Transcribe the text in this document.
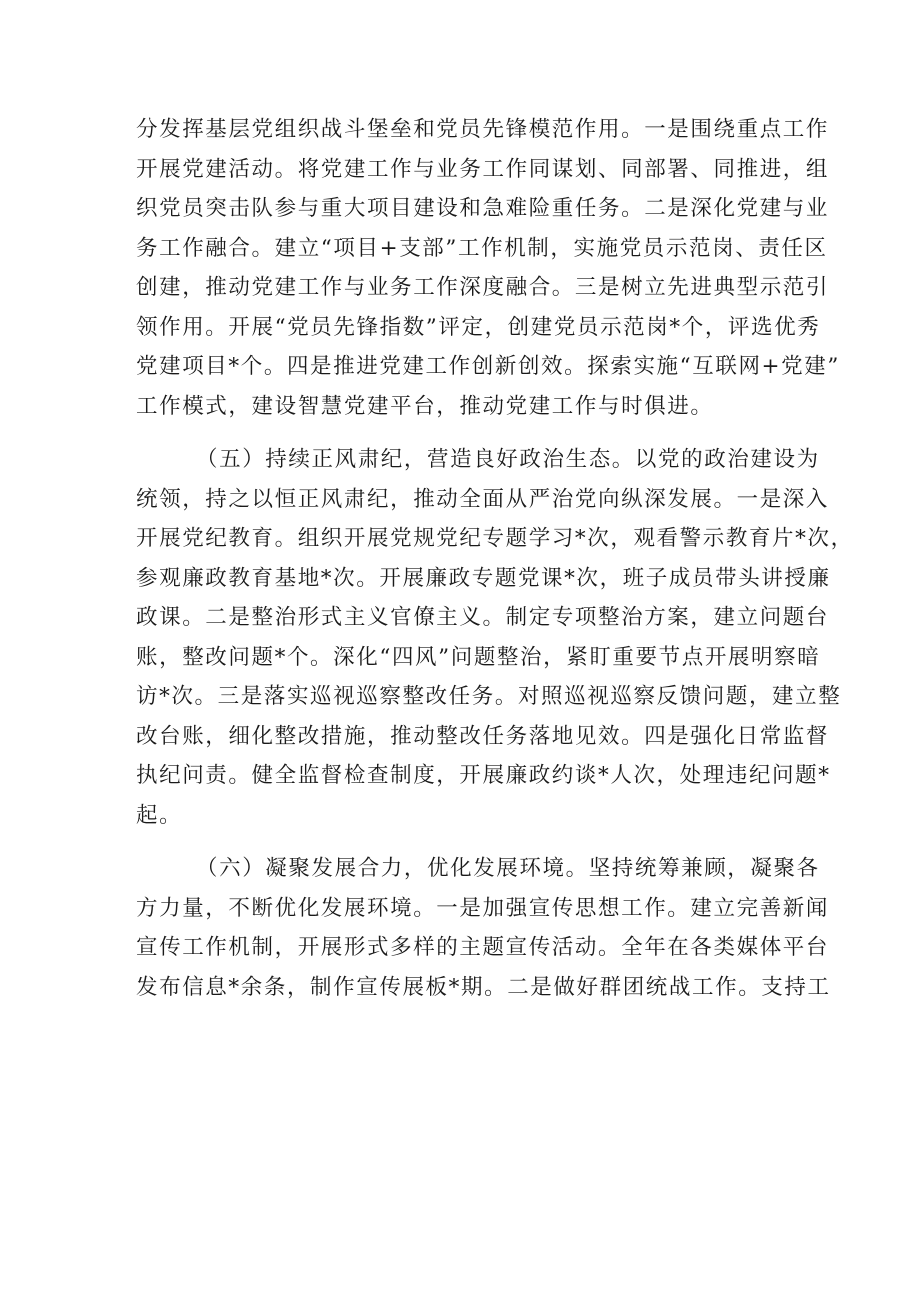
分发挥基层党组织战斗堡垒和党员先锋模范作用。一是围绕重点工作
开展党建活动。将党建工作与业务工作同谋划、同部署、同推进，组
织党员突击队参与重大项目建设和急难险重任务。二是深化党建与业
务工作融合。建立“项目+支部”工作机制，实施党员示范岗、责任区
创建，推动党建工作与业务工作深度融合。三是树立先进典型示范引
领作用。开展“党员先锋指数”评定，创建党员示范岗*个，评选优秀
党建项目*个。四是推进党建工作创新创效。探索实施“互联网+党建”
工作模式，建设智慧党建平台，推动党建工作与时俱进。
（五）持续正风肃纪，营造良好政治生态。以党的政治建设为
统领，持之以恒正风肃纪，推动全面从严治党向纵深发展。一是深入
开展党纪教育。组织开展党规党纪专题学习*次，观看警示教育片*次，
参观廉政教育基地*次。开展廉政专题党课*次，班子成员带头讲授廉
政课。二是整治形式主义官僚主义。制定专项整治方案，建立问题台
账，整改问题*个。深化“四风”问题整治，紧盯重要节点开展明察暗
访*次。三是落实巡视巡察整改任务。对照巡视巡察反馈问题，建立整
改台账，细化整改措施，推动整改任务落地见效。四是强化日常监督
执纪问责。健全监督检查制度，开展廉政约谈*人次，处理违纪问题*
起。
（六）凝聚发展合力，优化发展环境。坚持统筹兼顾，凝聚各
方力量，不断优化发展环境。一是加强宣传思想工作。建立完善新闻
宣传工作机制，开展形式多样的主题宣传活动。全年在各类媒体平台
发布信息*余条，制作宣传展板*期。二是做好群团统战工作。支持工
